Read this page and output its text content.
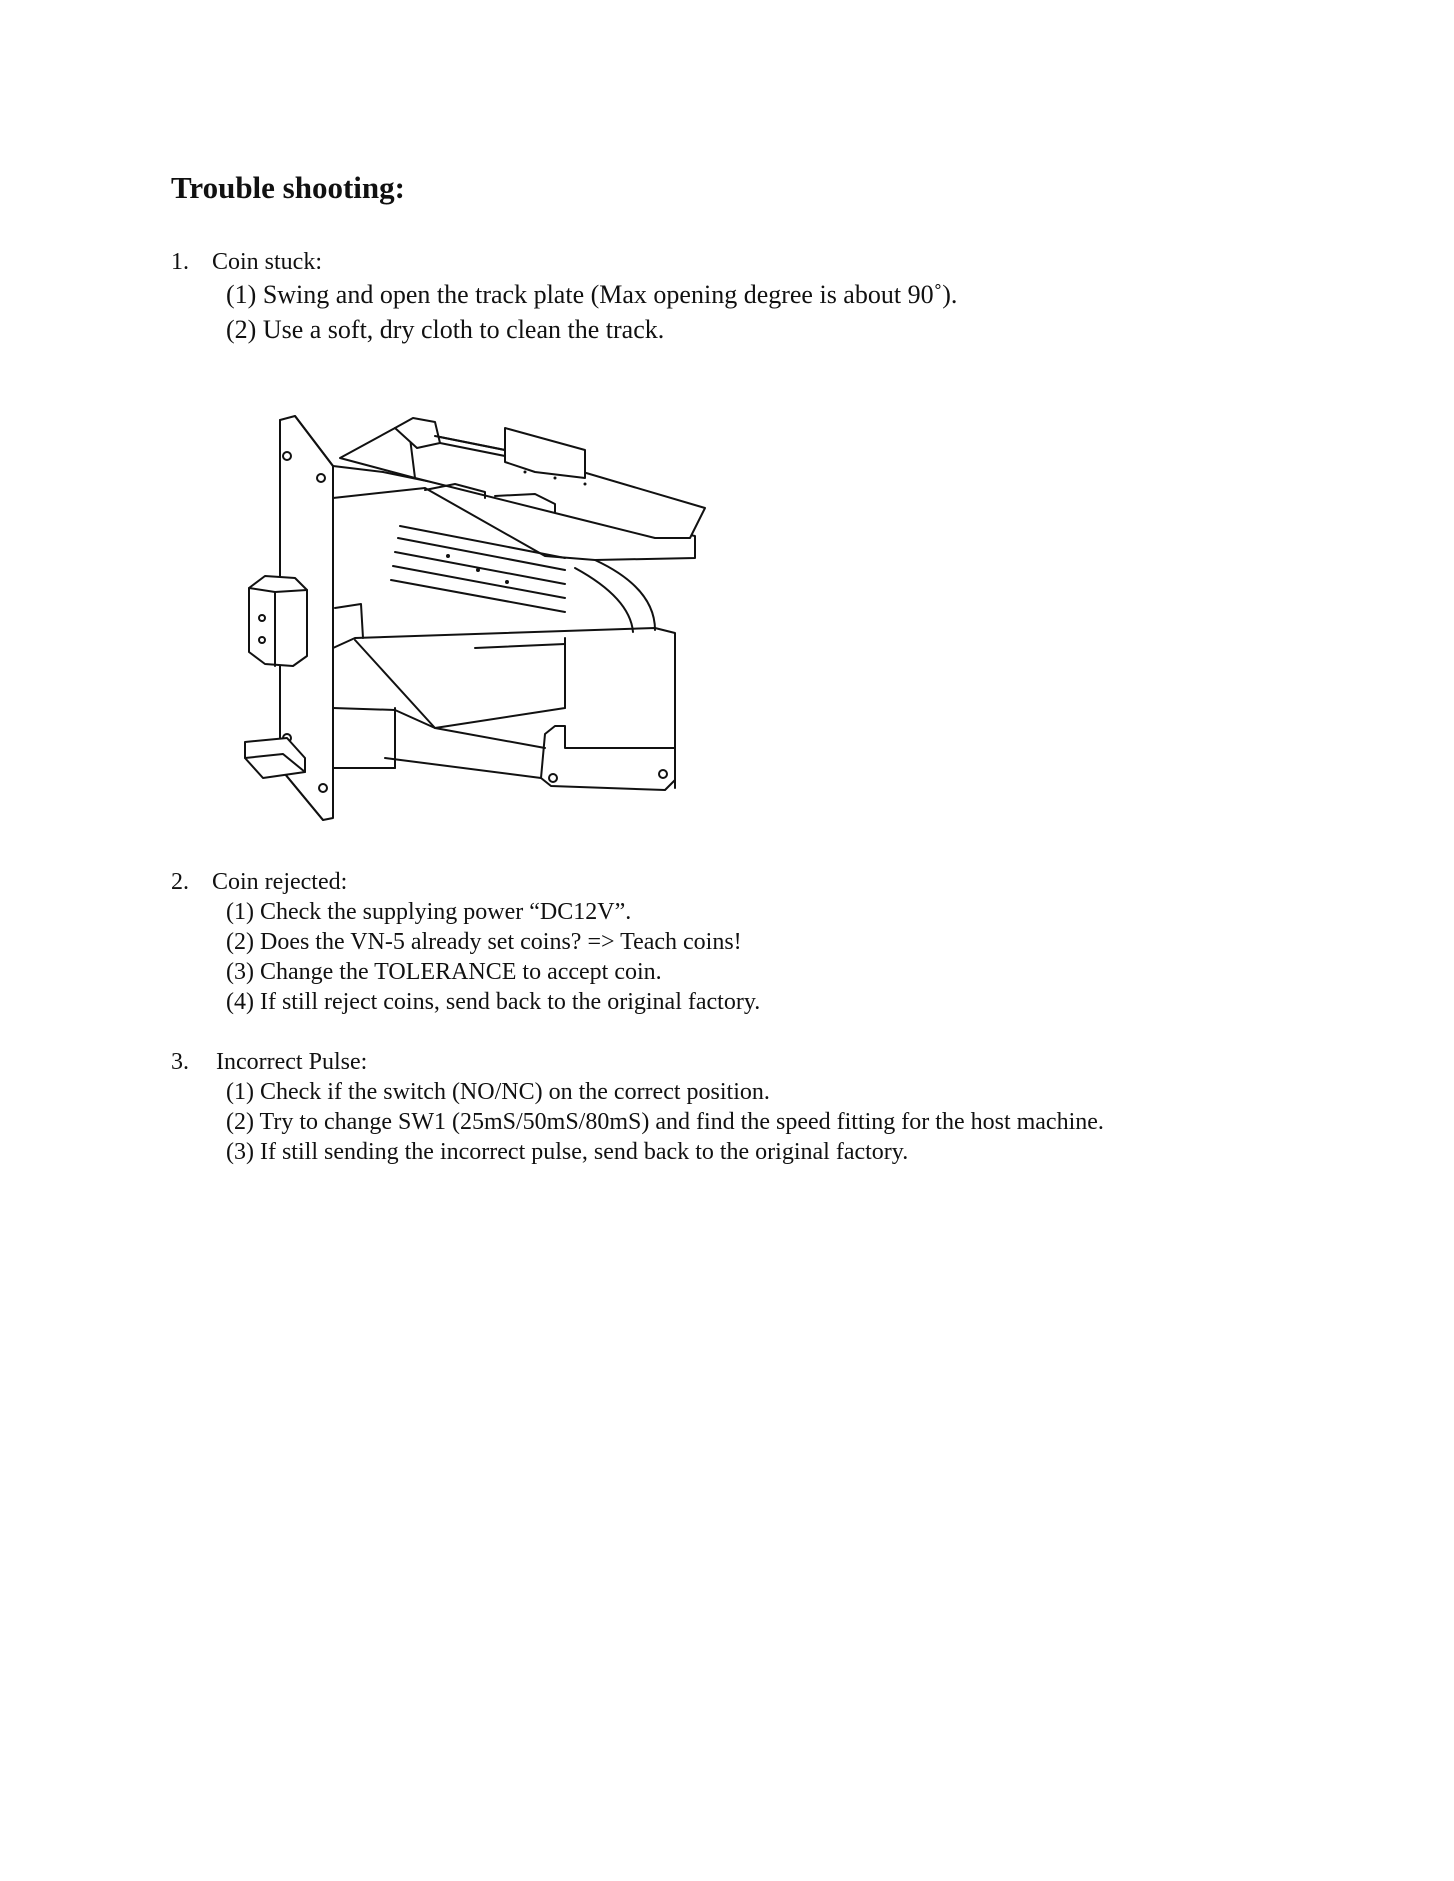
Trouble shooting:
1. Coin stuck:
(1) Swing and open the track plate (Max opening degree is about 90˚).
(2) Use a soft, dry cloth to clean the track.
2. Coin rejected:
(1) Check the supplying power “DC12V”.
(2) Does the VN-5 already set coins? => Teach coins!
(3) Change the TOLERANCE to accept coin.
(4) If still reject coins, send back to the original factory.
3. Incorrect Pulse:
(1) Check if the switch (NO/NC) on the correct position.
(2) Try to change SW1 (25mS/50mS/80mS) and find the speed fitting for the host machine.
(3) If still sending the incorrect pulse, send back to the original factory.
